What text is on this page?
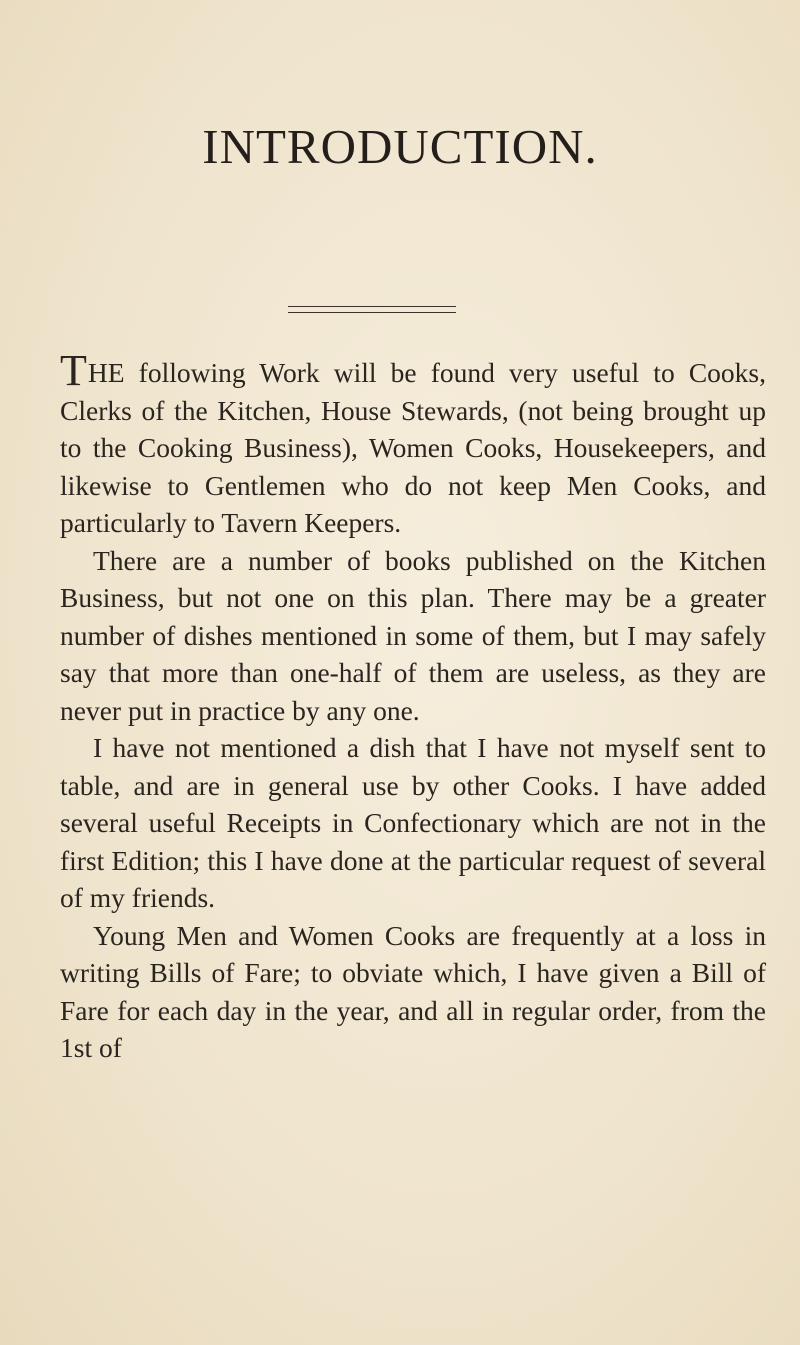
INTRODUCTION.

THE following Work will be found very useful to Cooks, Clerks of the Kitchen, House Stewards, (not being brought up to the Cooking Business), Women Cooks, Housekeepers, and likewise to Gentlemen who do not keep Men Cooks, and particularly to Tavern Keepers.

There are a number of books published on the Kitchen Business, but not one on this plan. There may be a greater number of dishes mentioned in some of them, but I may safely say that more than one-half of them are useless, as they are never put in practice by any one.

I have not mentioned a dish that I have not myself sent to table, and are in general use by other Cooks. I have added several useful Receipts in Confectionary which are not in the first Edition; this I have done at the particular request of several of my friends.

Young Men and Women Cooks are frequently at a loss in writing Bills of Fare; to obviate which, I have given a Bill of Fare for each day in the year, and all in regular order, from the 1st of
